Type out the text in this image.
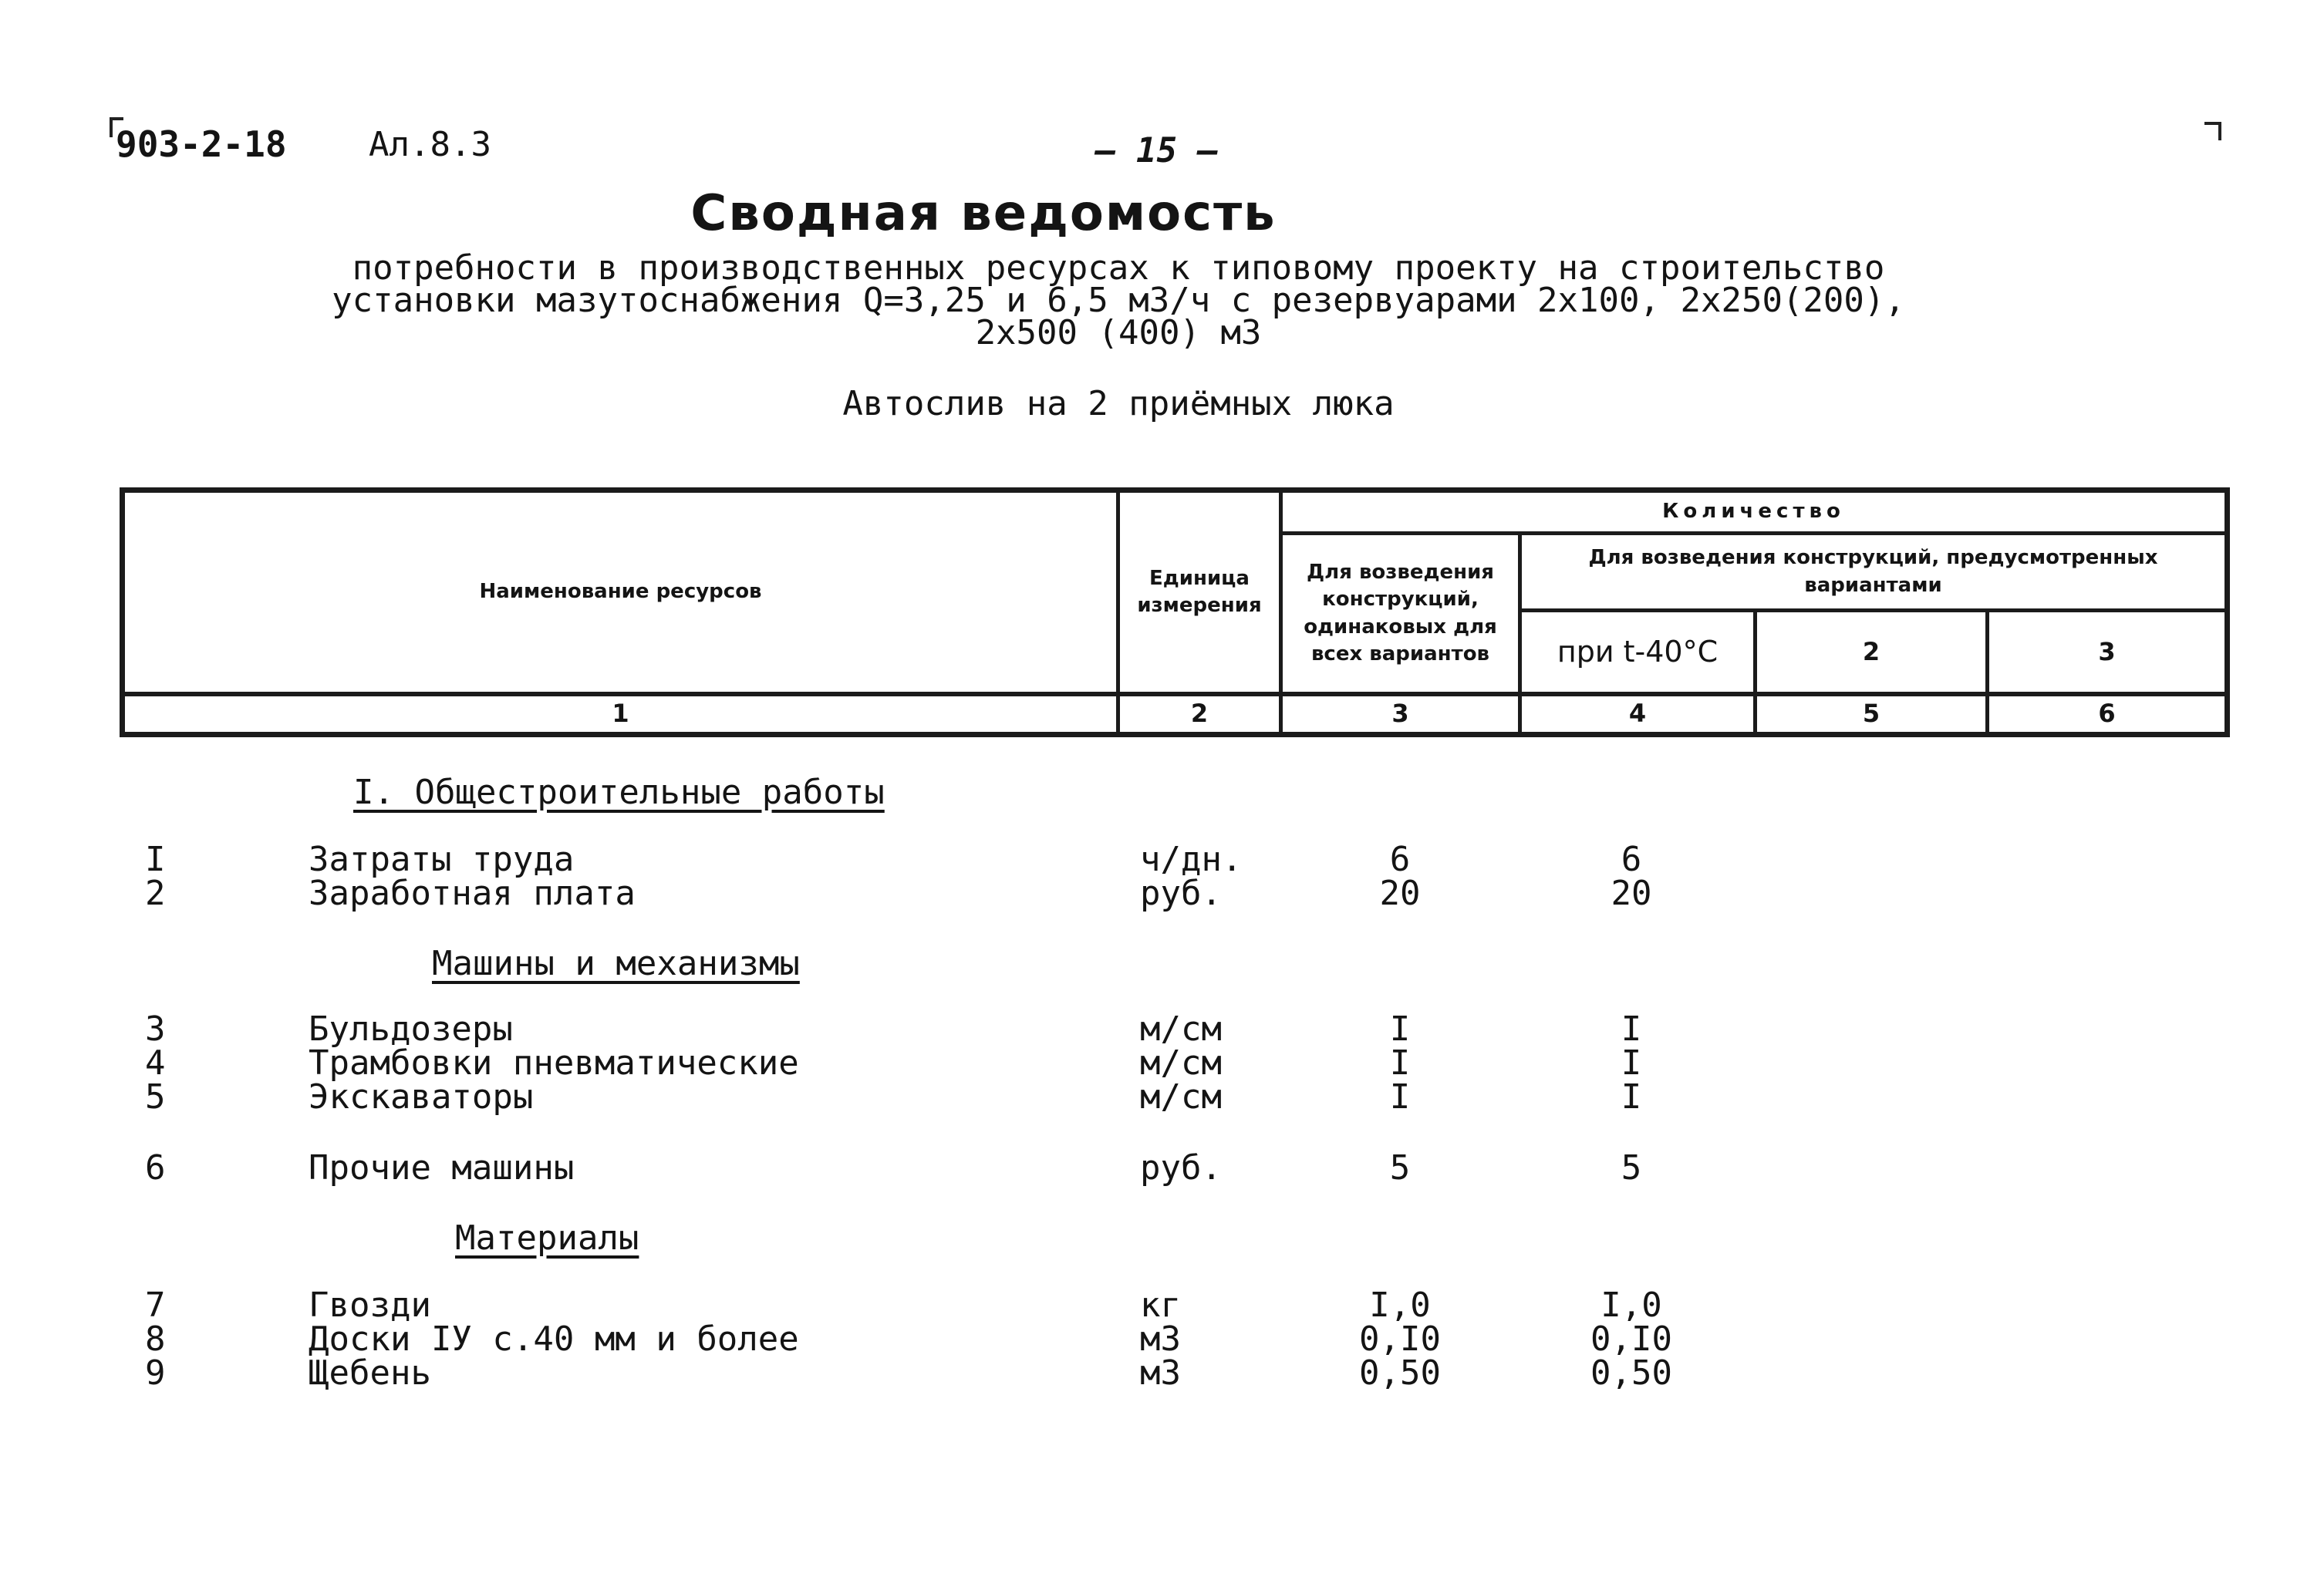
903-2-18 Ал.8.3	— 15 —
Сводная ведомость
потребности в производственных ресурсах к типовому проекту на строительство
установки мазутоснабжения Q=3,25 и 6,5 м3/ч с резервуарами 2х100, 2х250(200),
2х500 (400) м3
Автослив на 2 приёмных люка
Наименование ресурсов
Единица измерения
Количество
Для возведения конструкций, одинаковых для всех вариантов
Для возведения конструкций, предусмотренных вариантами
при t-40°C	2	3
1	2	3	4	5	6
I. Общестроительные работы
I	Затраты труда	ч/дн.	6	6
2	Заработная плата	руб.	20	20
Машины и механизмы
3	Бульдозеры	м/см	I	I
4	Трамбовки пневматические	м/см	I	I
5	Экскаваторы	м/см	I	I
6	Прочие машины	руб.	5	5
Материалы
7	Гвозди	кг	I,0	I,0
8	Доски IУ с.40 мм и более	м3	0,I0	0,I0
9	Щебень	м3	0,50	0,50
